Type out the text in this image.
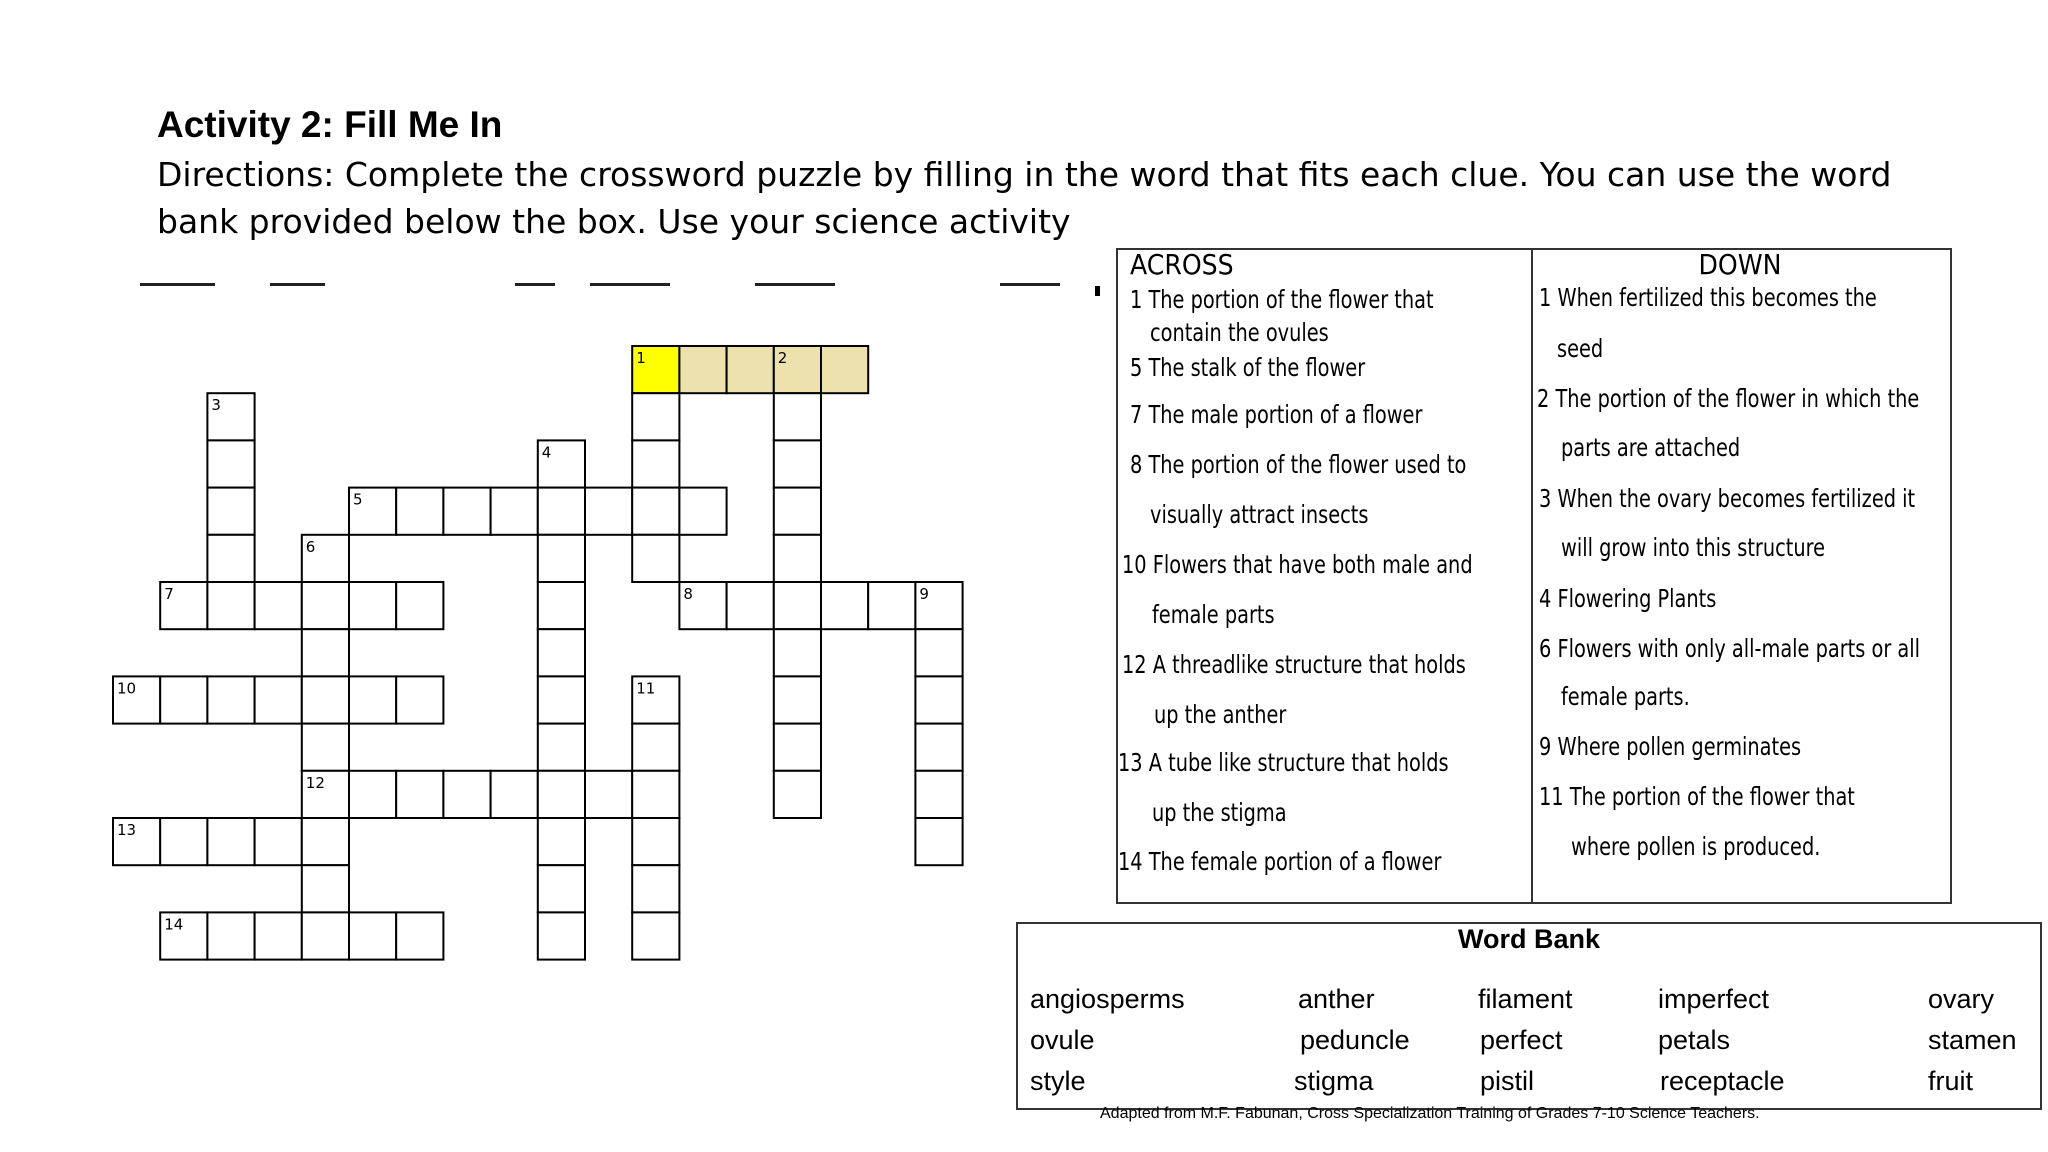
Activity 2: Fill Me In

Directions: Complete the crossword puzzle by filling in the word that fits each clue. You can use the word bank provided below the box. Use your science activity

1	2
3
4
5
6
7	8	9
10	11
12
13
14
ACROSS
1 The portion of the flower that
contain the ovules
5 The stalk of the flower
7 The male portion of a flower
8 The portion of the flower used to
visually attract insects
10 Flowers that have both male and
female parts
12 A threadlike structure that holds
up the anther
13 A tube like structure that holds
up the stigma
14 The female portion of a flower
DOWN
1 When fertilized this becomes the
seed
2 The portion of the flower in which the
parts are attached
3 When the ovary becomes fertilized it
will grow into this structure
4 Flowering Plants
6 Flowers with only all-male parts or all
female parts.
9 Where pollen germinates
11 The portion of the flower that
where pollen is produced.
Word Bank
angiosperms	anther	filament	imperfect	ovary
ovule	peduncle	perfect	petals	stamen
style	stigma	pistil	receptacle	fruit
Adapted from M.F. Fabunan, Cross Specialization Training of Grades 7-10 Science Teachers.
